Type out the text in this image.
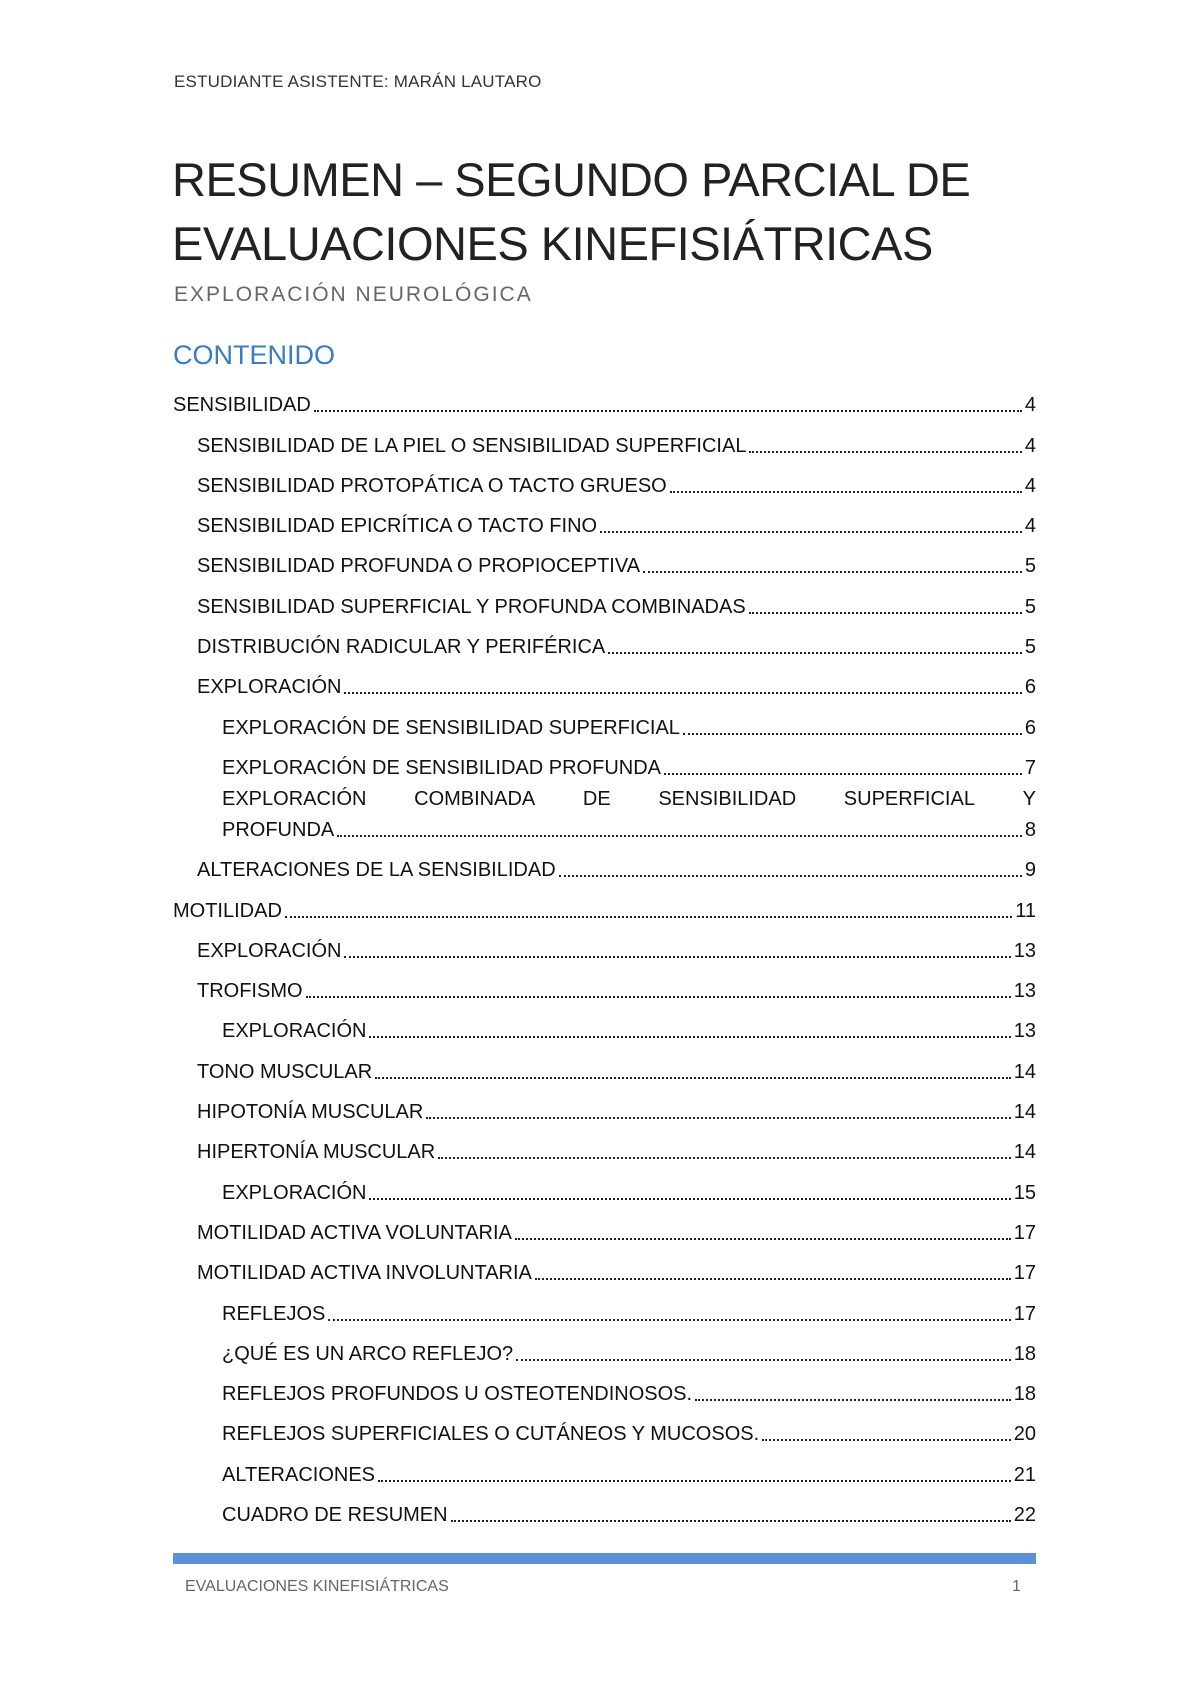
ESTUDIANTE ASISTENTE: MARÁN LAUTARO
RESUMEN – SEGUNDO PARCIAL DE
EVALUACIONES KINEFISIÁTRICAS
EXPLORACIÓN NEUROLÓGICA
CONTENIDO
SENSIBILIDAD	4
SENSIBILIDAD DE LA PIEL O SENSIBILIDAD SUPERFICIAL	4
SENSIBILIDAD PROTOPÁTICA O TACTO GRUESO	4
SENSIBILIDAD EPICRÍTICA O TACTO FINO	4
SENSIBILIDAD PROFUNDA O PROPIOCEPTIVA	5
SENSIBILIDAD SUPERFICIAL Y PROFUNDA COMBINADAS	5
DISTRIBUCIÓN RADICULAR Y PERIFÉRICA	5
EXPLORACIÓN	6
EXPLORACIÓN DE SENSIBILIDAD SUPERFICIAL	6
EXPLORACIÓN DE SENSIBILIDAD PROFUNDA	7
EXPLORACIÓN COMBINADA DE SENSIBILIDAD SUPERFICIAL Y
PROFUNDA	8
ALTERACIONES DE LA SENSIBILIDAD	9
MOTILIDAD	11
EXPLORACIÓN	13
TROFISMO	13
EXPLORACIÓN	13
TONO MUSCULAR	14
HIPOTONÍA MUSCULAR	14
HIPERTONÍA MUSCULAR	14
EXPLORACIÓN	15
MOTILIDAD ACTIVA VOLUNTARIA	17
MOTILIDAD ACTIVA INVOLUNTARIA	17
REFLEJOS	17
¿QUÉ ES UN ARCO REFLEJO?	18
REFLEJOS PROFUNDOS U OSTEOTENDINOSOS.	18
REFLEJOS SUPERFICIALES O CUTÁNEOS Y MUCOSOS.	20
ALTERACIONES	21
CUADRO DE RESUMEN	22
EVALUACIONES KINEFISIÁTRICAS	1
